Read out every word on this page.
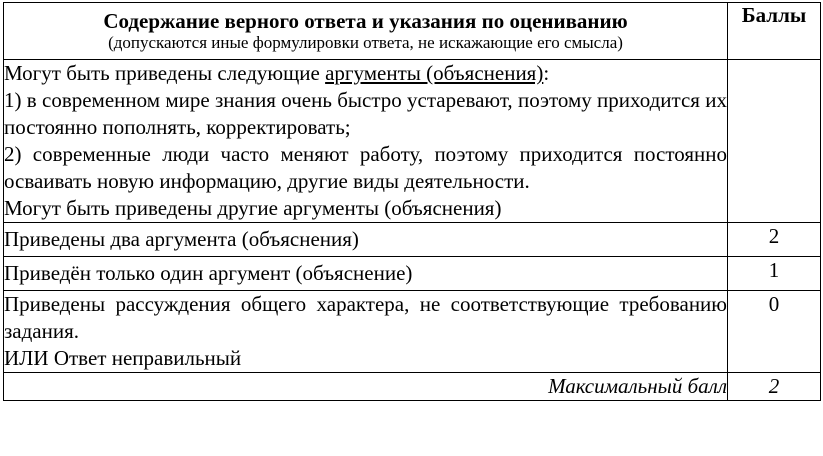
Содержание верного ответа и указания по оцениванию
(допускаются иные формулировки ответа, не искажающие его смысла)	Баллы

Могут быть приведены следующие аргументы (объяснения):
1) в современном мире знания очень быстро устаревают, поэтому приходится их постоянно пополнять, корректировать;
2) современные люди часто меняют работу, поэтому приходится постоянно осваивать новую информацию, другие виды деятельности.
Могут быть приведены другие аргументы (объяснения)	

Приведены два аргумента (объяснения)	2

Приведён только один аргумент (объяснение)	1

Приведены рассуждения общего характера, не соответствующие требованию задания.
ИЛИ Ответ неправильный	0
Максимальный балл	2
